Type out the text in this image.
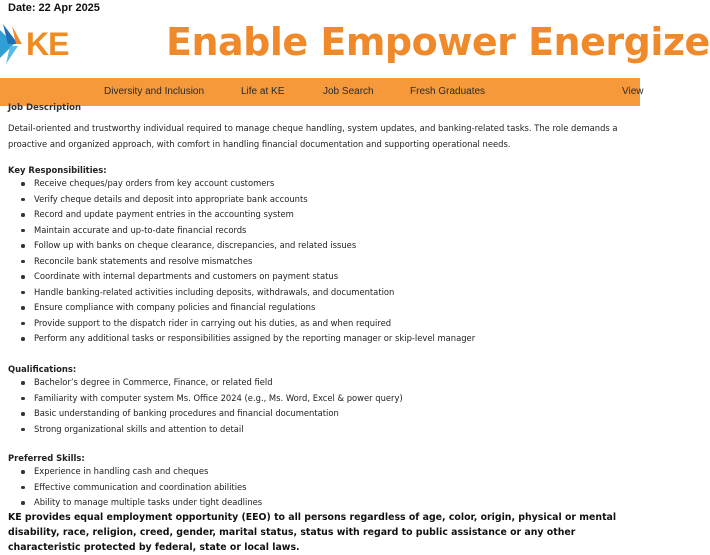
Date: 22 Apr 2025
KE	Enable Empower Energize
Diversity and Inclusion	Life at KE	Job Search	Fresh Graduates	View
Job Description
Detail-oriented and trustworthy individual required to manage cheque handling, system updates, and banking-related tasks. The role demands a proactive and organized approach, with comfort in handling financial documentation and supporting operational needs.

Key Responsibilities:

Receive cheques/pay orders from key account customers
Verify cheque details and deposit into appropriate bank accounts
Record and update payment entries in the accounting system
Maintain accurate and up-to-date financial records
Follow up with banks on cheque clearance, discrepancies, and related issues
Reconcile bank statements and resolve mismatches
Coordinate with internal departments and customers on payment status
Handle banking-related activities including deposits, withdrawals, and documentation
Ensure compliance with company policies and financial regulations
Provide support to the dispatch rider in carrying out his duties, as and when required
Perform any additional tasks or responsibilities assigned by the reporting manager or skip-level manager

Qualifications:

Bachelor’s degree in Commerce, Finance, or related field
Familiarity with computer system Ms. Office 2024 (e.g., Ms. Word, Excel & power query)
Basic understanding of banking procedures and financial documentation
Strong organizational skills and attention to detail

Preferred Skills:

Experience in handling cash and cheques
Effective communication and coordination abilities
Ability to manage multiple tasks under tight deadlines
KE provides equal employment opportunity (EEO) to all persons regardless of age, color, origin, physical or mental disability, race, religion, creed, gender, marital status, status with regard to public assistance or any other characteristic protected by federal, state or local laws.
